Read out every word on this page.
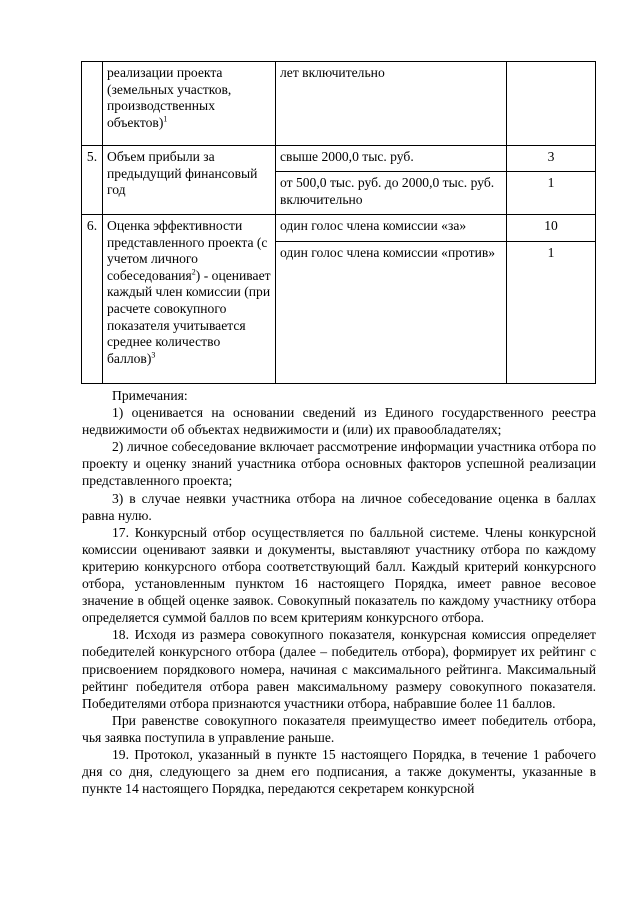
	реализации проекта (земельных участков, производственных объектов)$^1$	лет включительно	
5.	Объем прибыли за предыдущий финансовый год	свыше 2000,0 тыс. руб.	3
		от 500,0 тыс. руб. до 2000,0 тыс. руб. включительно	1
6.	Оценка эффективности представленного проекта (с учетом личного собеседования$^2$) - оценивает каждый член комиссии (при расчете совокупного показателя учитывается среднее количество баллов)$^3$	один голос члена комиссии «за»	10
		один голос члена комиссии «против»	1

Примечания:

1) оценивается на основании сведений из Единого государственного реестра недвижимости об объектах недвижимости и (или) их правообладателях;

2) личное собеседование включает рассмотрение информации участника отбора по проекту и оценку знаний участника отбора основных факторов успешной реализации представленного проекта;

3) в случае неявки участника отбора на личное собеседование оценка в баллах равна нулю.

17. Конкурсный отбор осуществляется по балльной системе. Члены конкурсной комиссии оценивают заявки и документы, выставляют участнику отбора по каждому критерию конкурсного отбора соответствующий балл. Каждый критерий конкурсного отбора, установленным пунктом 16 настоящего Порядка, имеет равное весовое значение в общей оценке заявок. Совокупный показатель по каждому участнику отбора определяется суммой баллов по всем критериям конкурсного отбора.

18. Исходя из размера совокупного показателя, конкурсная комиссия определяет победителей конкурсного отбора (далее – победитель отбора), формирует их рейтинг с присвоением порядкового номера, начиная с максимального рейтинга. Максимальный рейтинг победителя отбора равен максимальному размеру совокупного показателя. Победителями отбора признаются участники отбора, набравшие более 11 баллов.

При равенстве совокупного показателя преимущество имеет победитель отбора, чья заявка поступила в управление раньше.

19. Протокол, указанный в пункте 15 настоящего Порядка, в течение 1 рабочего дня со дня, следующего за днем его подписания, а также документы, указанные в пункте 14 настоящего Порядка, передаются секретарем конкурсной
